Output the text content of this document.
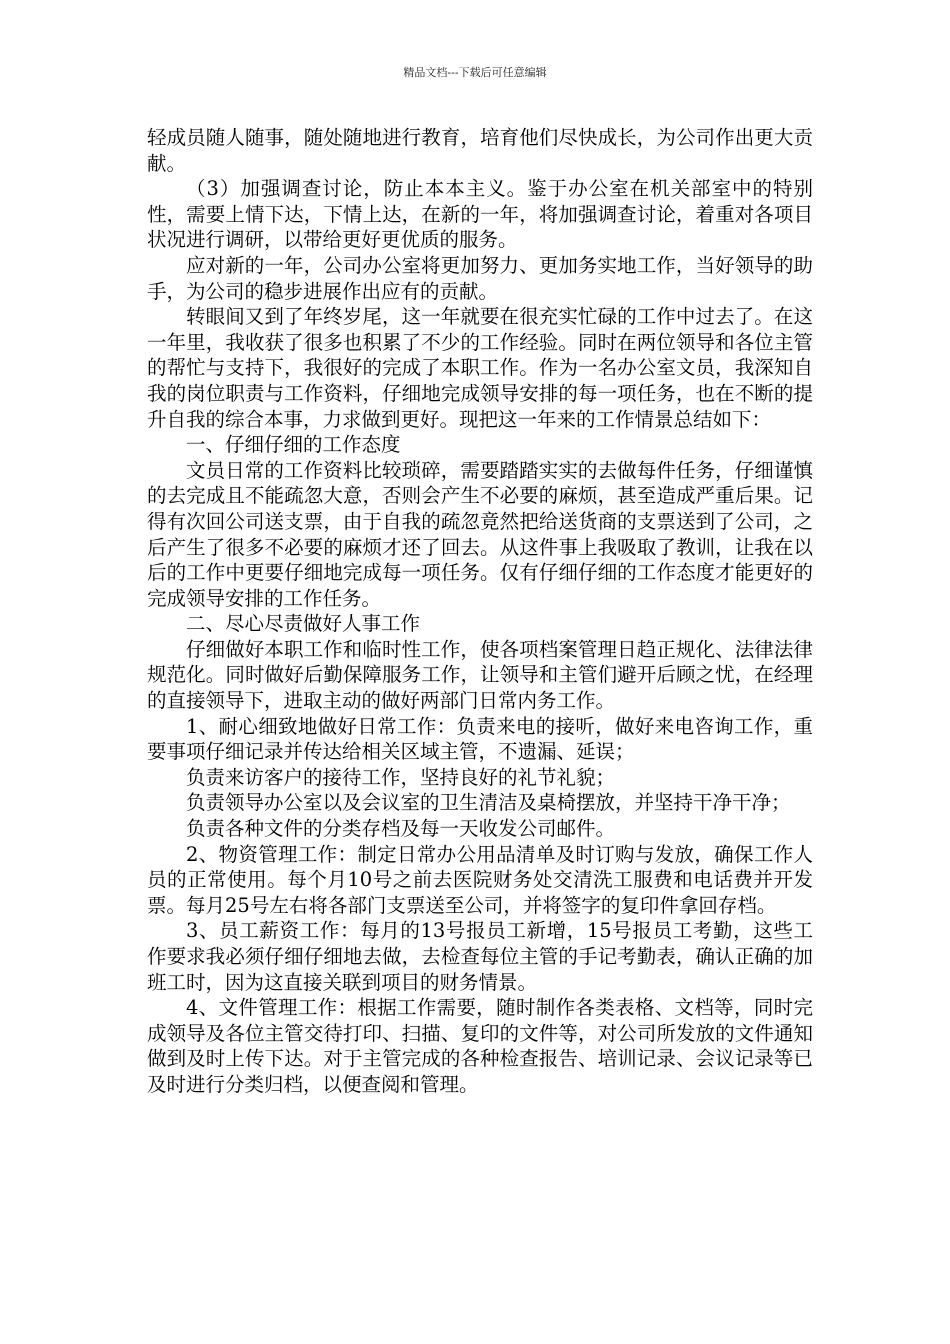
精品文档---下载后可任意编辑

轻成员随人随事，随处随地进行教育，培育他们尽快成长，为公司作出更大贡献。

（3）加强调查讨论，防止本本主义。鉴于办公室在机关部室中的特别性，需要上情下达，下情上达，在新的一年，将加强调查讨论，着重对各项目状况进行调研，以带给更好更优质的服务。

应对新的一年，公司办公室将更加努力、更加务实地工作，当好领导的助手，为公司的稳步进展作出应有的贡献。

转眼间又到了年终岁尾，这一年就要在很充实忙碌的工作中过去了。在这一年里，我收获了很多也积累了不少的工作经验。同时在两位领导和各位主管的帮忙与支持下，我很好的完成了本职工作。作为一名办公室文员，我深知自我的岗位职责与工作资料，仔细地完成领导安排的每一项任务，也在不断的提升自我的综合本事，力求做到更好。现把这一年来的工作情景总结如下：

一、仔细仔细的工作态度

文员日常的工作资料比较琐碎，需要踏踏实实的去做每件任务，仔细谨慎的去完成且不能疏忽大意，否则会产生不必要的麻烦，甚至造成严重后果。记得有次回公司送支票，由于自我的疏忽竟然把给送货商的支票送到了公司，之后产生了很多不必要的麻烦才还了回去。从这件事上我吸取了教训，让我在以后的工作中更要仔细地完成每一项任务。仅有仔细仔细的工作态度才能更好的完成领导安排的工作任务。

二、尽心尽责做好人事工作

仔细做好本职工作和临时性工作，使各项档案管理日趋正规化、法律法律规范化。同时做好后勤保障服务工作，让领导和主管们避开后顾之忧，在经理的直接领导下，进取主动的做好两部门日常内务工作。

1、耐心细致地做好日常工作：负责来电的接听，做好来电咨询工作，重要事项仔细记录并传达给相关区域主管，不遗漏、延误；

负责来访客户的接待工作，坚持良好的礼节礼貌；

负责领导办公室以及会议室的卫生清洁及桌椅摆放，并坚持干净干净；

负责各种文件的分类存档及每一天收发公司邮件。

2、物资管理工作：制定日常办公用品清单及时订购与发放，确保工作人员的正常使用。每个月10号之前去医院财务处交清洗工服费和电话费并开发票。每月25号左右将各部门支票送至公司，并将签字的复印件拿回存档。

3、员工薪资工作：每月的13号报员工新增，15号报员工考勤，这些工作要求我必须仔细仔细地去做，去检查每位主管的手记考勤表，确认正确的加班工时，因为这直接关联到项目的财务情景。

4、文件管理工作：根据工作需要，随时制作各类表格、文档等，同时完成领导及各位主管交待打印、扫描、复印的文件等，对公司所发放的文件通知做到及时上传下达。对于主管完成的各种检查报告、培训记录、会议记录等已及时进行分类归档，以便查阅和管理。
